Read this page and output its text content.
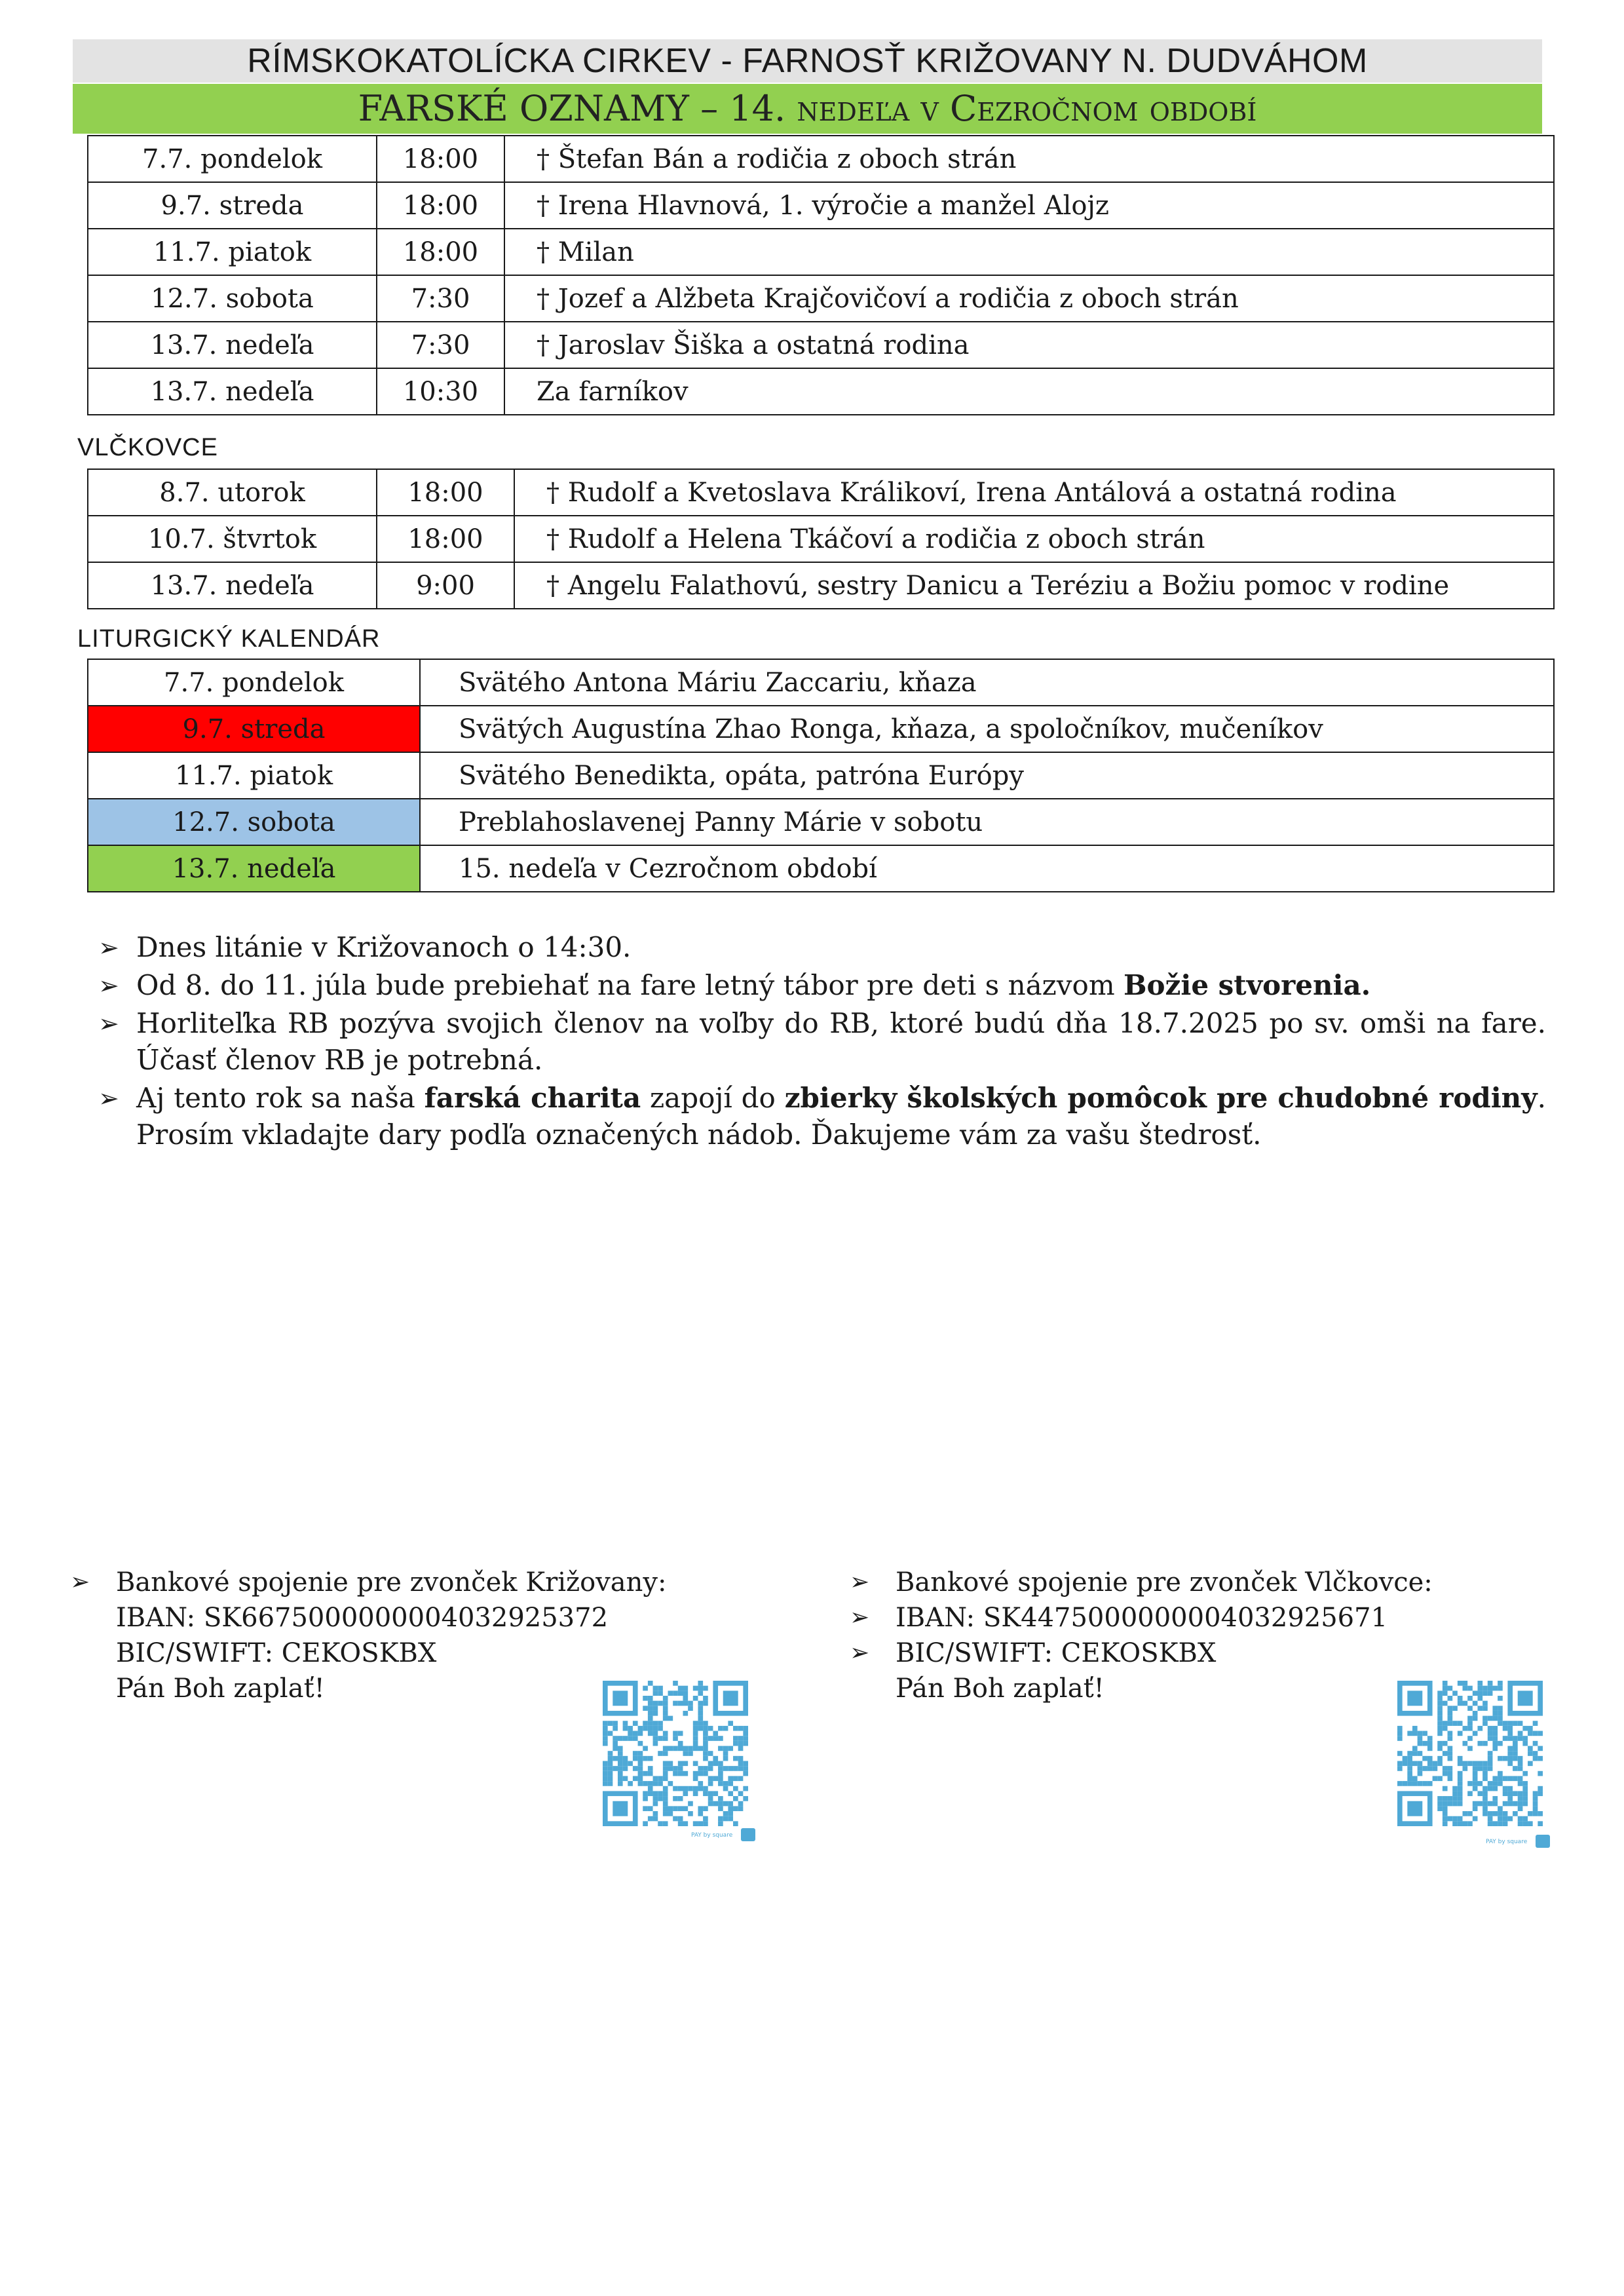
RÍMSKOKATOLÍCKA CIRKEV - FARNOSŤ KRIŽOVANY N. DUDVÁHOM
FARSKÉ OZNAMY – 14. nedeľa v Cezročnom období
7.7. pondelok	18:00	† Štefan Bán a rodičia z oboch strán
9.7. streda	18:00	† Irena Hlavnová, 1. výročie a manžel Alojz
11.7. piatok	18:00	† Milan
12.7. sobota	7:30	† Jozef a Alžbeta Krajčovičoví a rodičia z oboch strán
13.7. nedeľa	7:30	† Jaroslav Šiška a ostatná rodina
13.7. nedeľa	10:30	Za farníkov
VLČKOVCE
8.7. utorok	18:00	† Rudolf a Kvetoslava Králikoví, Irena Antálová a ostatná rodina
10.7. štvrtok	18:00	† Rudolf a Helena Tkáčoví a rodičia z oboch strán
13.7. nedeľa	9:00	† Angelu Falathovú, sestry Danicu a Teréziu a Božiu pomoc v rodine
LITURGICKÝ KALENDÁR
7.7. pondelok	Svätého Antona Máriu Zaccariu, kňaza
9.7. streda	Svätých Augustína Zhao Ronga, kňaza, a spoločníkov, mučeníkov
11.7. piatok	Svätého Benedikta, opáta, patróna Európy
12.7. sobota	Preblahoslavenej Panny Márie v sobotu
13.7. nedeľa	15. nedeľa v Cezročnom období
➢ Dnes litánie v Križovanoch o 14:30.
➢ Od 8. do 11. júla bude prebiehať na fare letný tábor pre deti s názvom Božie stvorenia.
➢ Horliteľka RB pozýva svojich členov na voľby do RB, ktoré budú dňa 18.7.2025 po sv. omši na fare. Účasť členov RB je potrebná.
➢ Aj tento rok sa naša farská charita zapojí do zbierky školských pomôcok pre chudobné rodiny. Prosím vkladajte dary podľa označených nádob. Ďakujeme vám za vašu štedrosť.
➢ Bankové spojenie pre zvonček Križovany:
IBAN: SK6675000000004032925372
BIC/SWIFT: CEKOSKBX
Pán Boh zaplať!
➢ Bankové spojenie pre zvonček Vlčkovce:
➢ IBAN: SK4475000000004032925671
➢ BIC/SWIFT: CEKOSKBX
Pán Boh zaplať!
PAY by square
PAY by square
